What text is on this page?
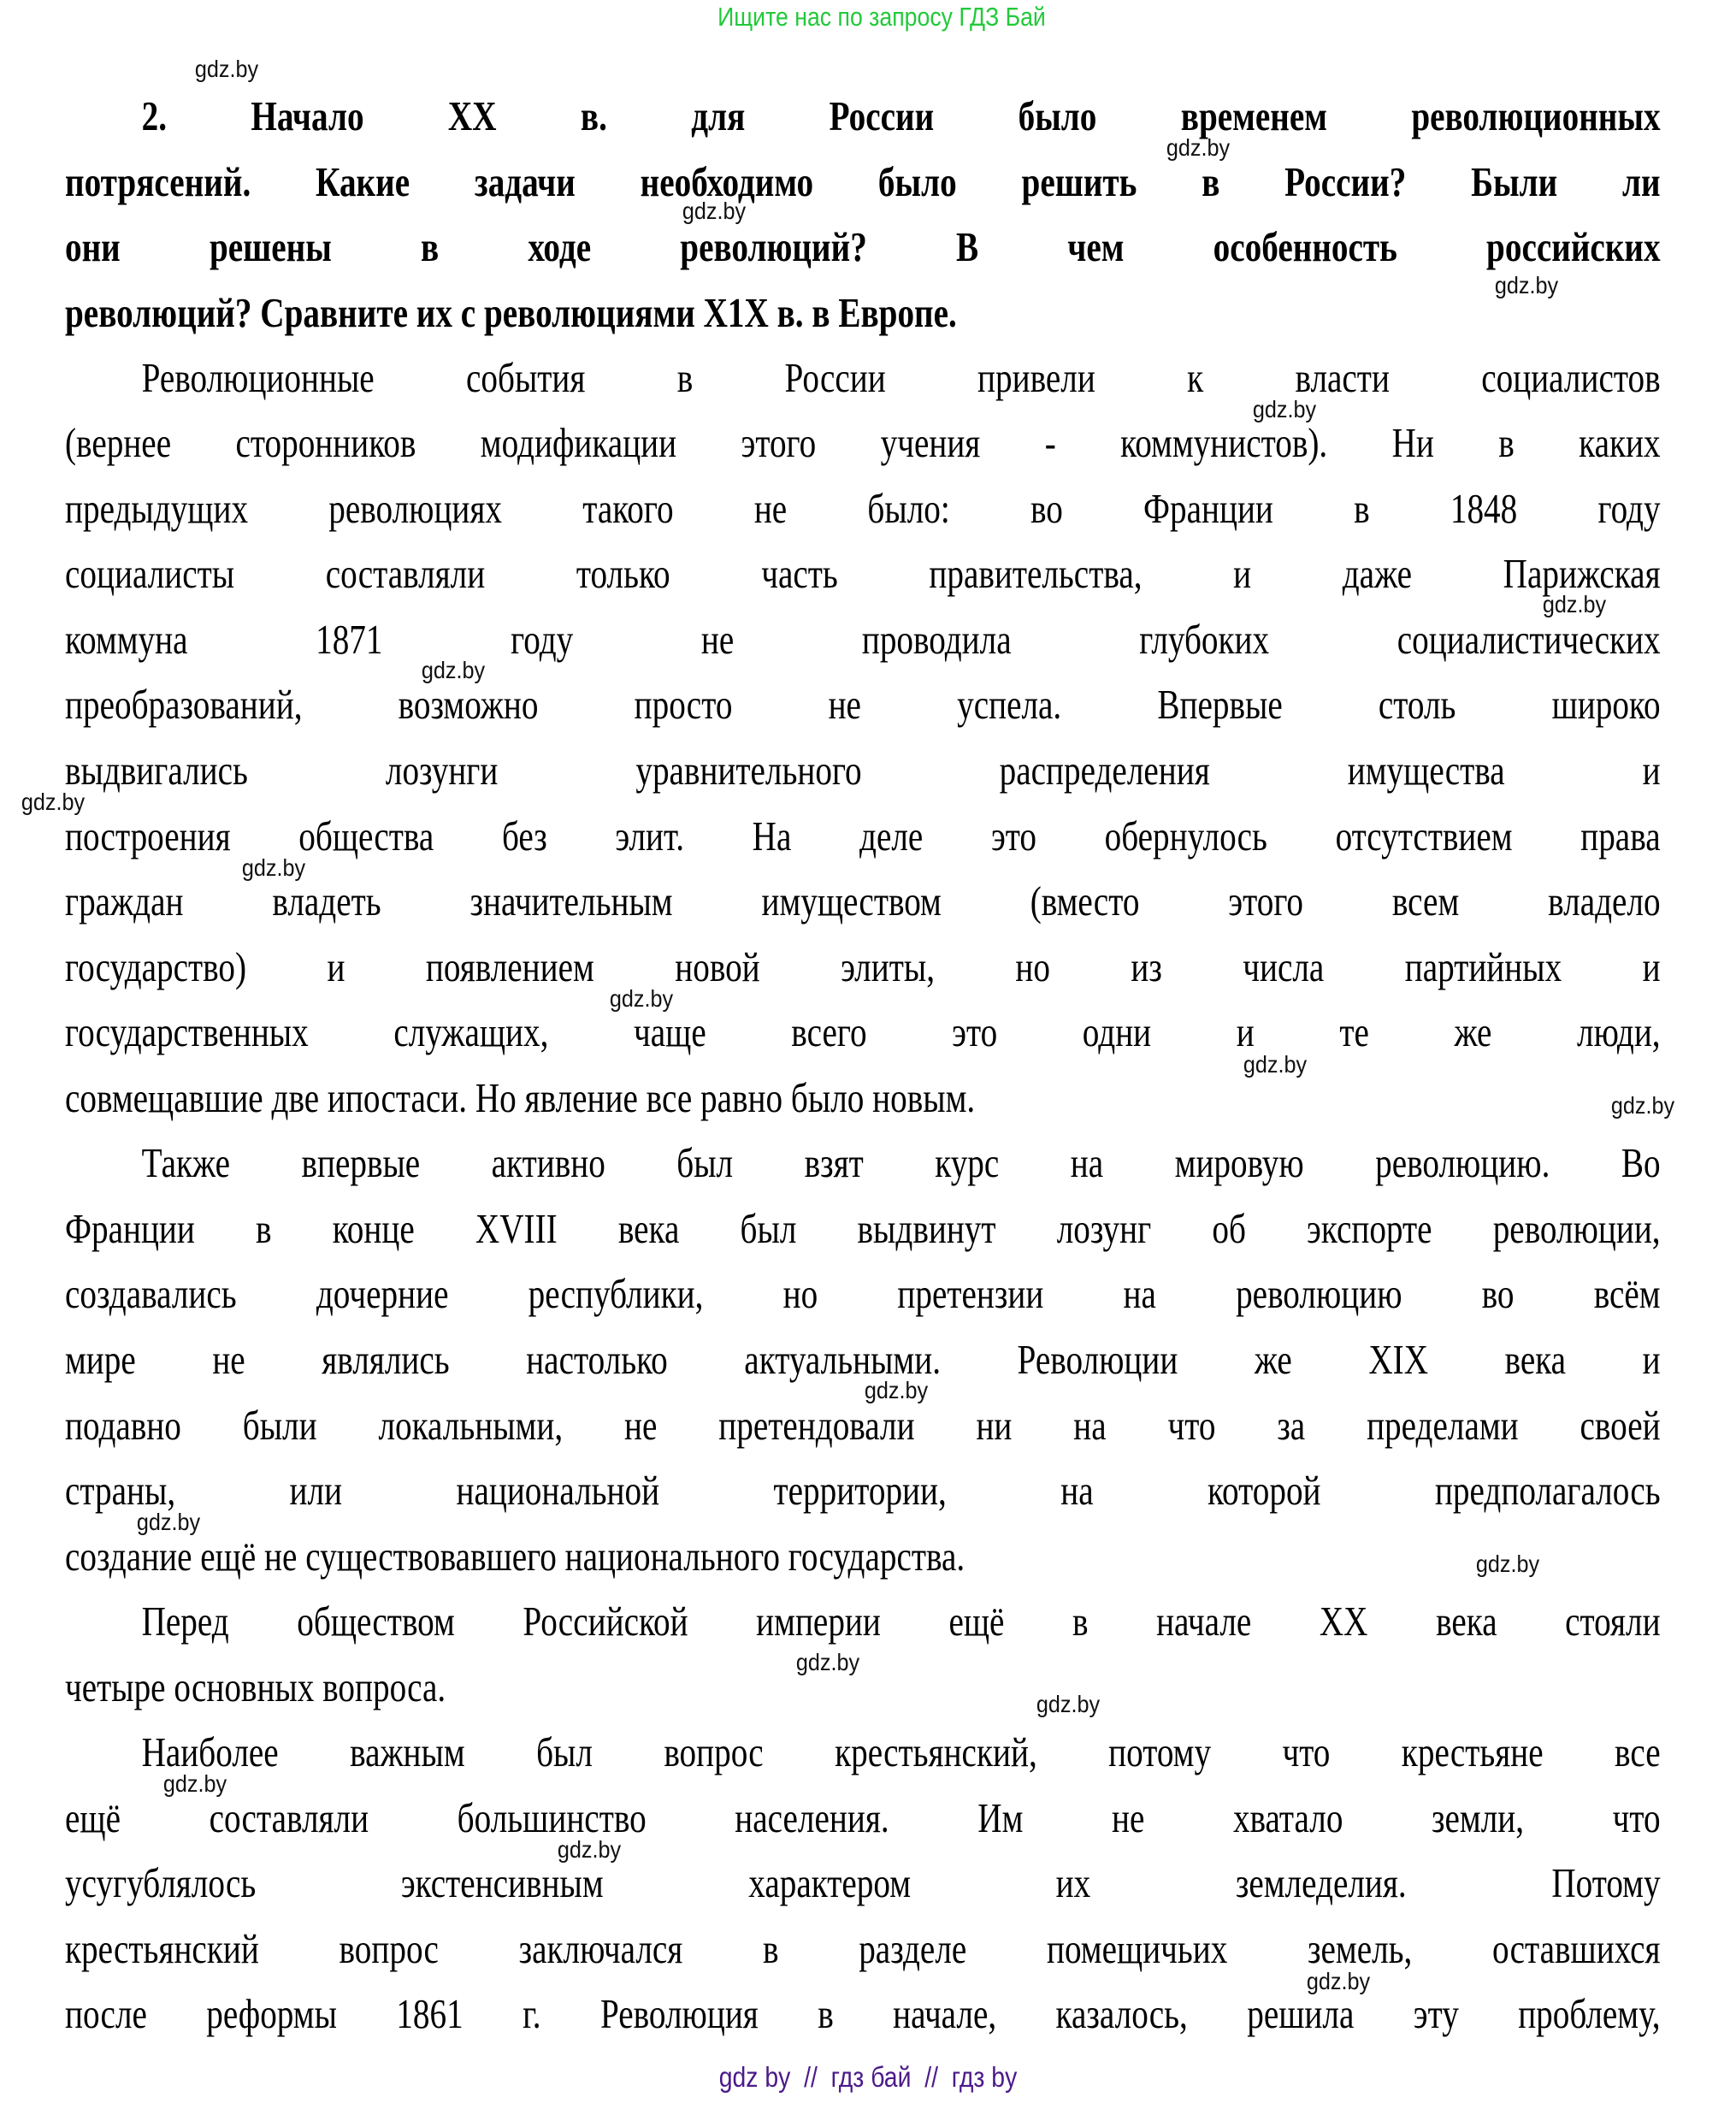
Ищите нас по запросу ГДЗ Бай
2. Начало XX в. для России было временем революционных
потрясений. Какие задачи необходимо было решить в России? Были ли
они решены в ходе революций? В чем особенность российских
революций? Сравните их с революциями X1X в. в Европе.
Революционные события в России привели к власти социалистов
(вернее сторонников модификации этого учения - коммунистов). Ни в каких
предыдущих революциях такого не было: во Франции в 1848 году
социалисты составляли только часть правительства, и даже Парижская
коммуна 1871 году не проводила глубоких социалистических
преобразований, возможно просто не успела. Впервые столь широко
выдвигались лозунги уравнительного распределения имущества и
построения общества без элит. На деле это обернулось отсутствием права
граждан владеть значительным имуществом (вместо этого всем владело
государство) и появлением новой элиты, но из числа партийных и
государственных служащих, чаще всего это одни и те же люди,
совмещавшие две ипостаси. Но явление все равно было новым.
Также впервые активно был взят курс на мировую революцию. Во
Франции в конце XVIII века был выдвинут лозунг об экспорте революции,
создавались дочерние республики, но претензии на революцию во всём
мире не являлись настолько актуальными. Революции же XIX века и
подавно были локальными, не претендовали ни на что за пределами своей
страны, или национальной территории, на которой предполагалось
создание ещё не существовавшего национального государства.
Перед обществом Российской империи ещё в начале XX века стояли
четыре основных вопроса.
Наиболее важным был вопрос крестьянский, потому что крестьяне все
ещё составляли большинство населения. Им не хватало земли, что
усугублялось экстенсивным характером их земледелия. Потому
крестьянский вопрос заключался в разделе помещичьих земель, оставшихся
после реформы 1861 г. Революция в начале, казалось, решила эту проблему,
gdz.by
gdz.by
gdz.by
gdz.by
gdz.by
gdz.by
gdz.by
gdz.by
gdz.by
gdz.by
gdz.by
gdz.by
gdz.by
gdz.by
gdz.by
gdz.by
gdz.by
gdz.by
gdz.by
gdz.by
gdz by  //  гдз бай  //  гдз by
